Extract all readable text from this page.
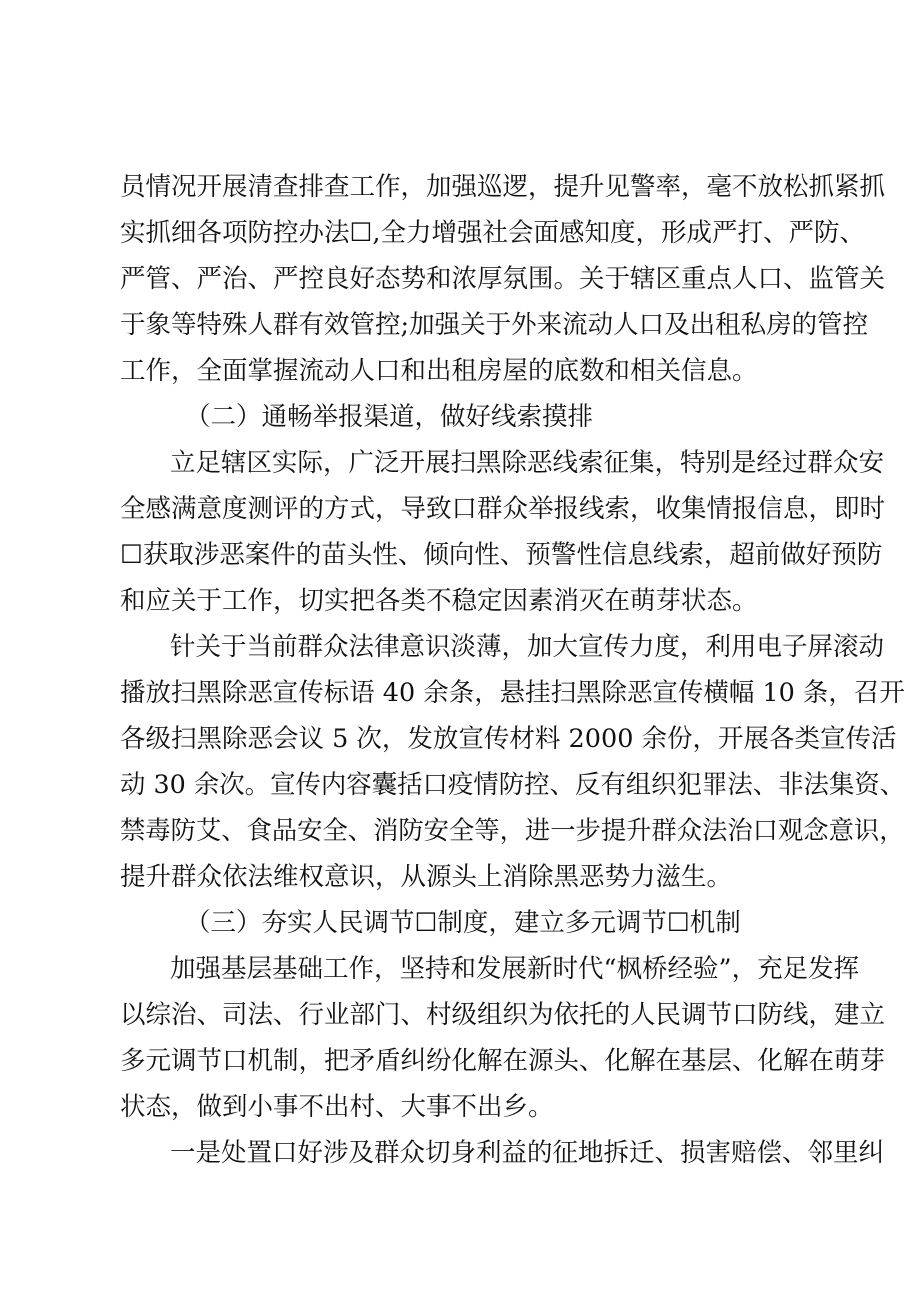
员情况开展清查排查工作，加强巡逻，提升见警率，毫不放松抓紧抓
实抓细各项防控办法☐,全力增强社会面感知度，形成严打、严防、
严管、严治、严控良好态势和浓厚氛围。关于辖区重点人口、监管关
于象等特殊人群有效管控;加强关于外来流动人口及出租私房的管控
工作，全面掌握流动人口和出租房屋的底数和相关信息。
（二）通畅举报渠道，做好线索摸排
立足辖区实际，广泛开展扫黑除恶线索征集，特别是经过群众安
全感满意度测评的方式，导致口群众举报线索，收集情报信息，即时
☐获取涉恶案件的苗头性、倾向性、预警性信息线索，超前做好预防
和应关于工作，切实把各类不稳定因素消灭在萌芽状态。
针关于当前群众法律意识淡薄，加大宣传力度，利用电子屏滚动
播放扫黑除恶宣传标语 40 余条，悬挂扫黑除恶宣传横幅 10 条，召开
各级扫黑除恶会议 5 次，发放宣传材料 2000 余份，开展各类宣传活
动 30 余次。宣传内容囊括口疫情防控、反有组织犯罪法、非法集资、
禁毒防艾、食品安全、消防安全等，进一步提升群众法治口观念意识，
提升群众依法维权意识，从源头上消除黑恶势力滋生。
（三）夯实人民调节☐制度，建立多元调节☐机制
加强基层基础工作，坚持和发展新时代“枫桥经验”，充足发挥
以综治、司法、行业部门、村级组织为依托的人民调节口防线，建立
多元调节口机制，把矛盾纠纷化解在源头、化解在基层、化解在萌芽
状态，做到小事不出村、大事不出乡。
一是处置口好涉及群众切身利益的征地拆迁、损害赔偿、邻里纠
